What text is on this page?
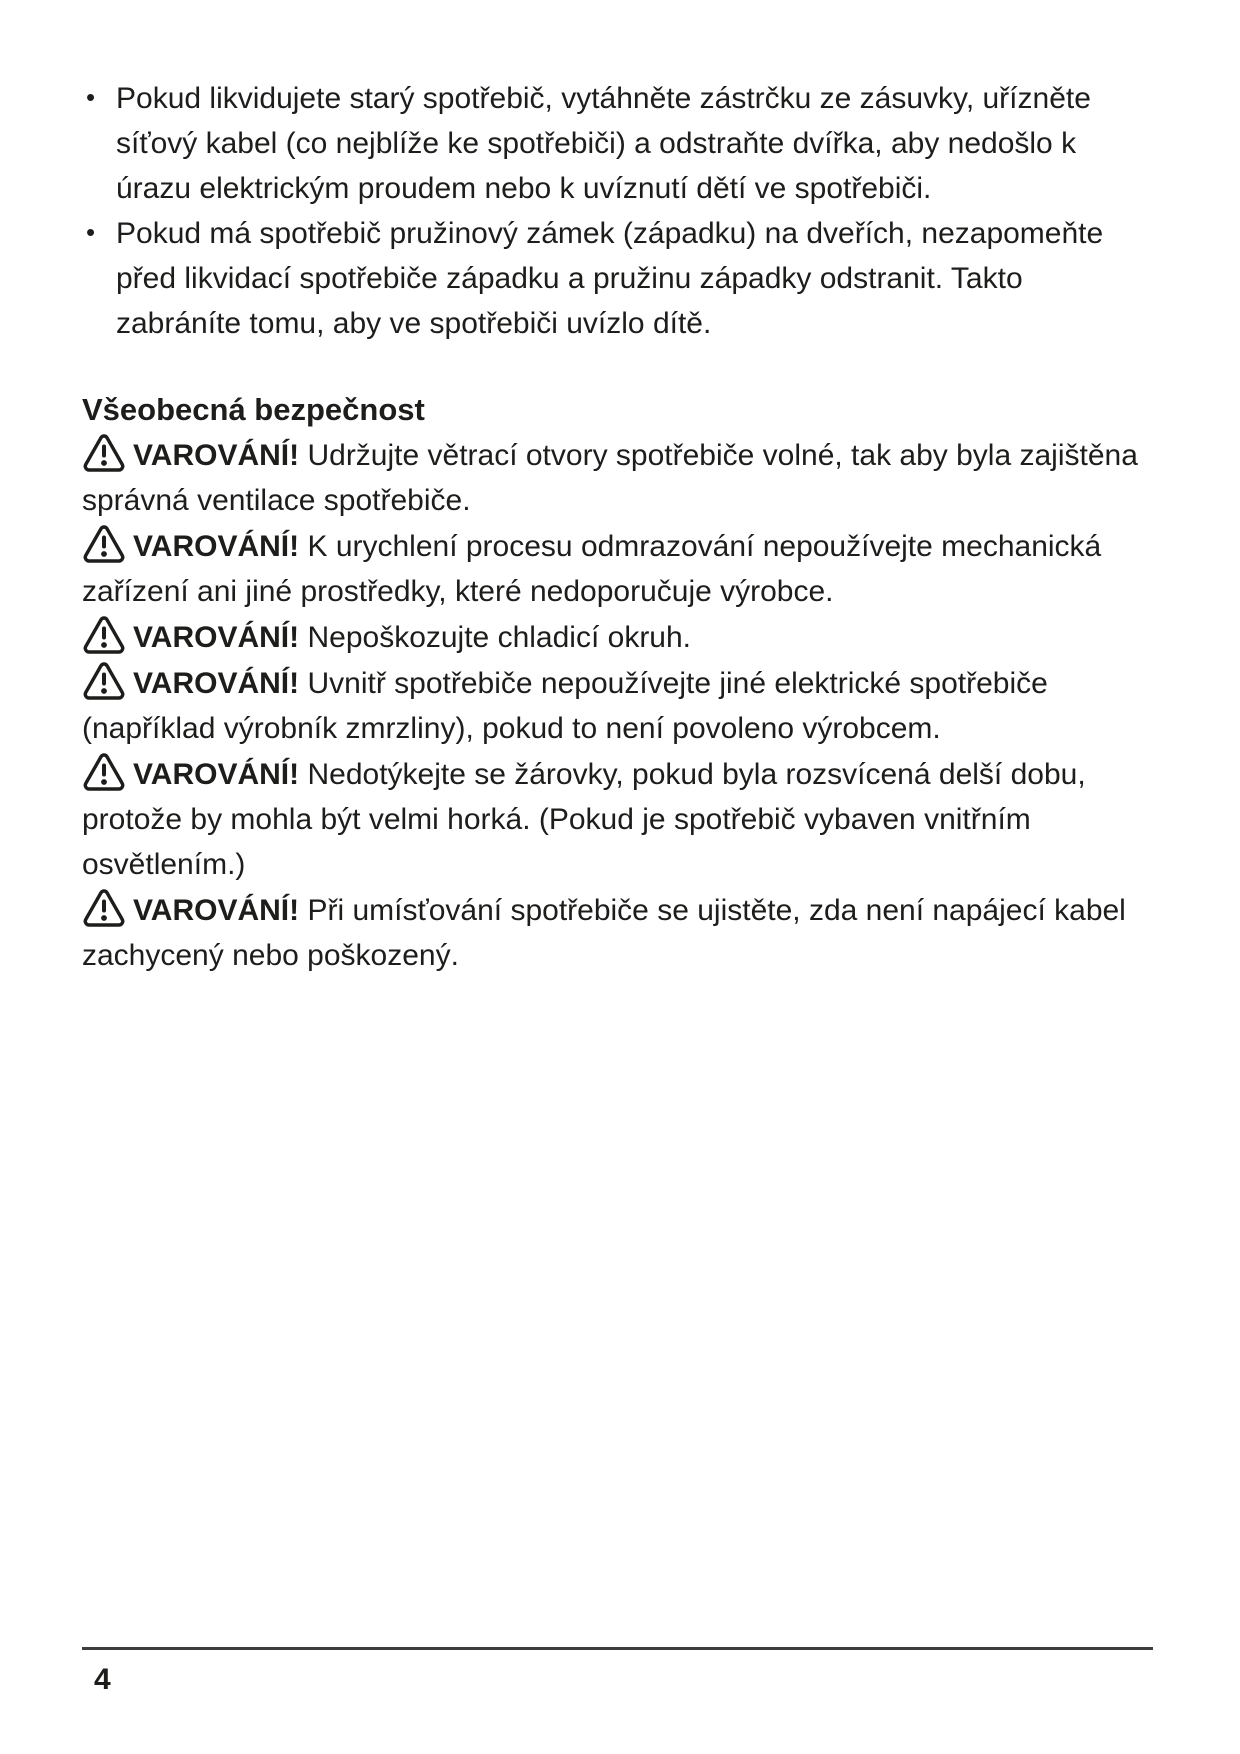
• Pokud likvidujete starý spotřebič, vytáhněte zástrčku ze zásuvky, uřízněte síťový kabel (co nejblíže ke spotřebiči) a odstraňte dvířka, aby nedošlo k úrazu elektrickým proudem nebo k uvíznutí dětí ve spotřebiči.
• Pokud má spotřebič pružinový zámek (západku) na dveřích, nezapomeňte před likvidací spotřebiče západku a pružinu západky odstranit. Takto zabráníte tomu, aby ve spotřebiči uvízlo dítě.
Všeobecná bezpečnost

VAROVÁNÍ! Udržujte větrací otvory spotřebiče volné, tak aby byla zajištěna správná ventilace spotřebiče.

VAROVÁNÍ! K urychlení procesu odmrazování nepoužívejte mechanická zařízení ani jiné prostředky, které nedoporučuje výrobce.

VAROVÁNÍ! Nepoškozujte chladicí okruh.

VAROVÁNÍ! Uvnitř spotřebiče nepoužívejte jiné elektrické spotřebiče (například výrobník zmrzliny), pokud to není povoleno výrobcem.

VAROVÁNÍ! Nedotýkejte se žárovky, pokud byla rozsvícená delší dobu, protože by mohla být velmi horká. (Pokud je spotřebič vybaven vnitřním osvětlením.)

VAROVÁNÍ! Při umísťování spotřebiče se ujistěte, zda není napájecí kabel zachycený nebo poškozený.

4
